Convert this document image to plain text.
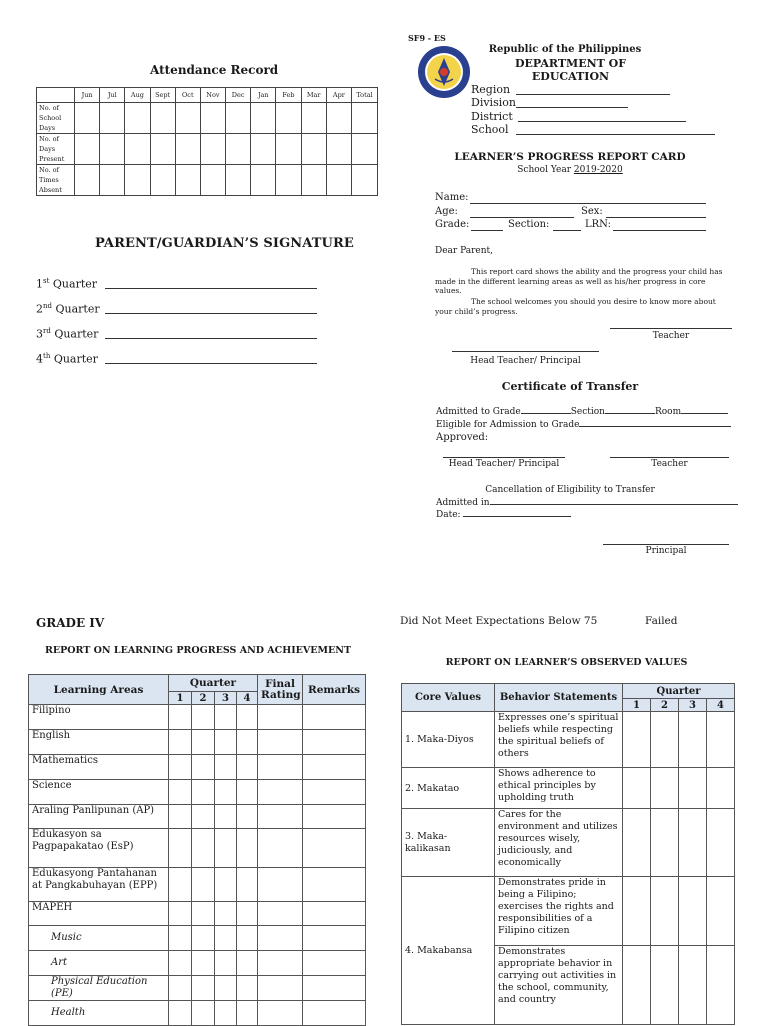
Attendance Record
	Jun	Jul	Aug	Sept	Oct	Nov	Dec	Jan	Feb	Mar	Apr	Total
No. of School Days												
No. of Days Present												
No. of Times Absent												
PARENT/GUARDIAN’S SIGNATURE
1st Quarter
2nd Quarter
3rd Quarter
4th Quarter
SF9 - ES
Republic of the Philippines
DEPARTMENT OF EDUCATION
Region
Division
District
School
LEARNER’S PROGRESS REPORT CARD
School Year 2019-2020
Name:
Age:	Sex:
Grade:	Section:	LRN:
Dear Parent,
This report card shows the ability and the progress your child has made in the different learning areas as well as his/her progress in core values.
The school welcomes you should you desire to know more about your child’s progress.
Teacher
Head Teacher/ Principal
Certificate of Transfer
Admitted to Grade	Section	Room
Eligible for Admission to Grade
Approved:
Head Teacher/ Principal	Teacher
Cancellation of Eligibility to Transfer
Admitted in
Date:
Principal
GRADE IV	Did Not Meet Expectations Below 75	Failed
REPORT ON LEARNING PROGRESS AND ACHIEVEMENT
Learning Areas	Quarter				Final Rating	Remarks
	1	2	3	4		
Filipino						
English						
Mathematics						
Science						
Araling Panlipunan (AP)						
Edukasyon sa Pagpapakatao (EsP)						
Edukasyong Pantahanan at Pangkabuhayan (EPP)						
MAPEH						
Music						
Art						
Physical Education (PE)						
Health						
REPORT ON LEARNER’S OBSERVED VALUES
Core Values	Behavior Statements	Quarter			
		1	2	3	4
1. Maka-Diyos	Expresses one’s spiritual beliefs while respecting the spiritual beliefs of others				
2. Makatao	Shows adherence to ethical principles by upholding truth				
3. Maka-kalikasan	Cares for the environment and utilizes resources wisely, judiciously, and economically				
4. Makabansa	Demonstrates pride in being a Filipino; exercises the rights and responsibilities of a Filipino citizen				
	Demonstrates appropriate behavior in carrying out activities in the school, community, and country				
